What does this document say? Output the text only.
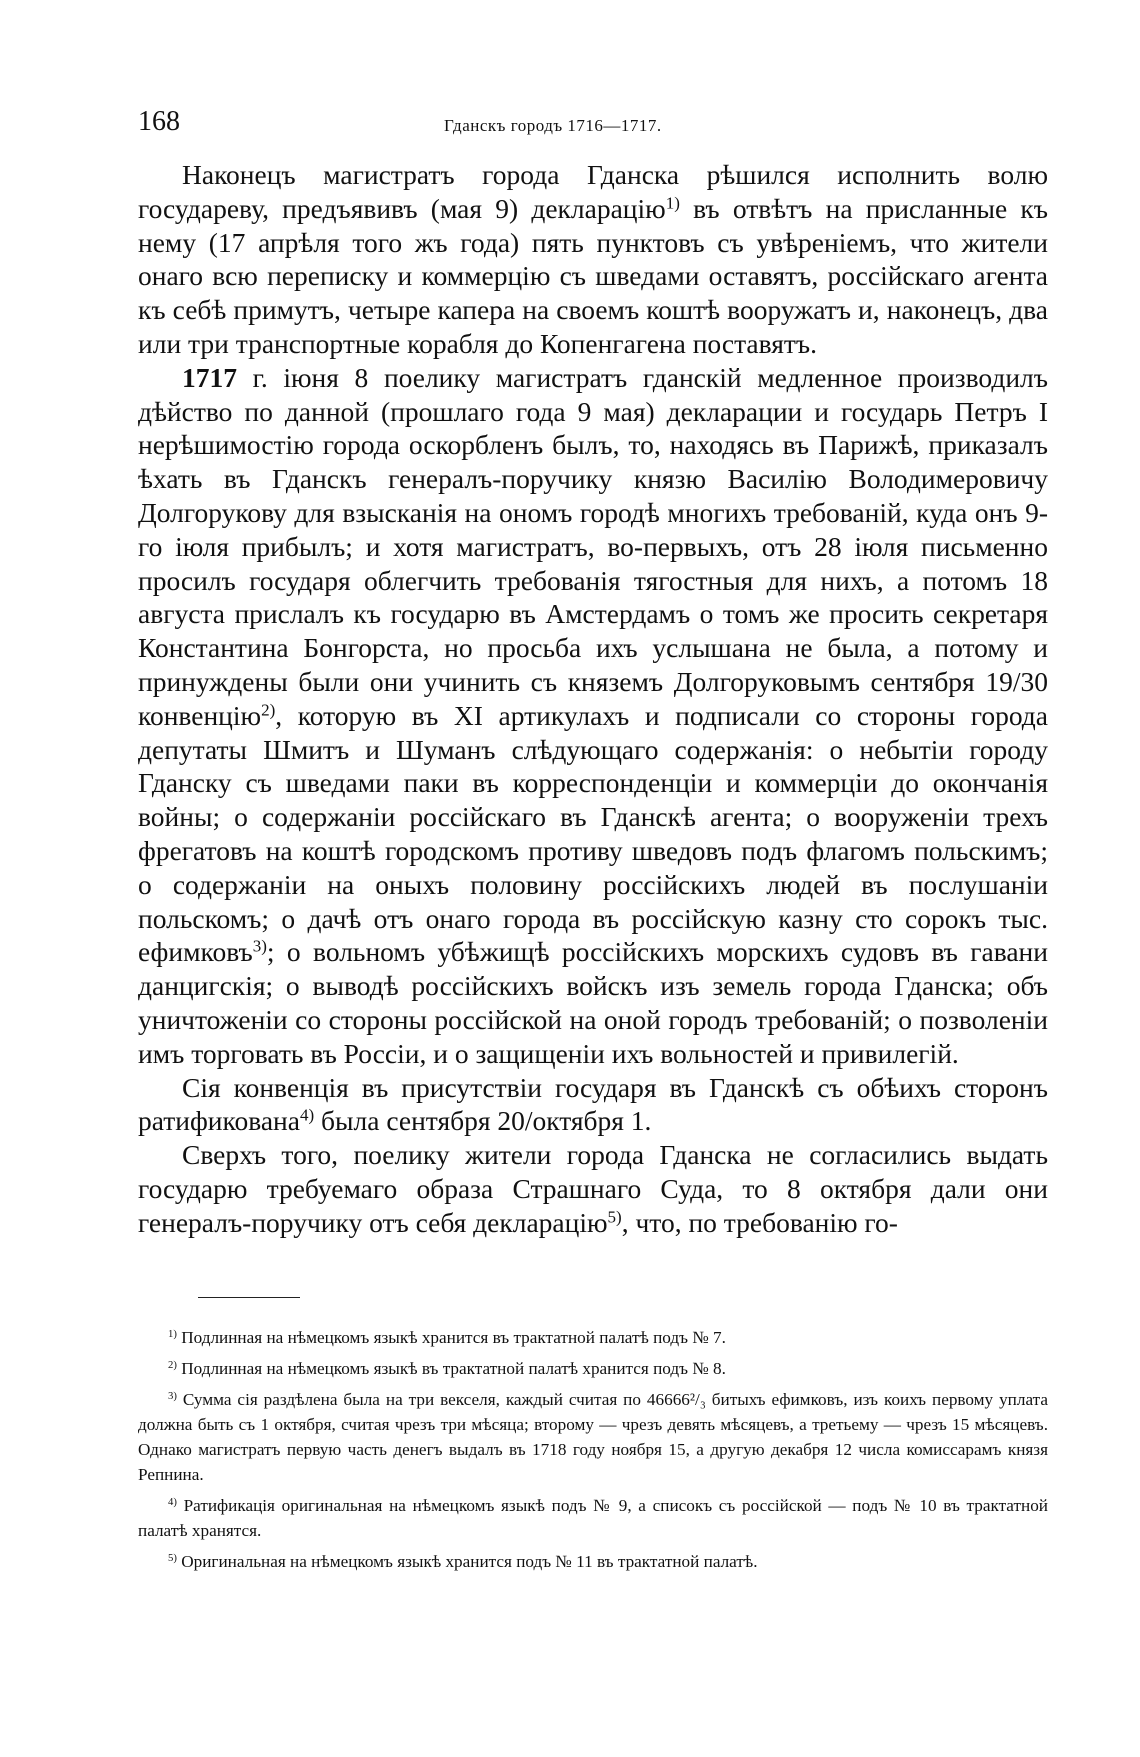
168	Гданскъ городъ 1716—1717.

Наконецъ магистратъ города Гданска рѣшился исполнить волю государеву, предъявивъ (мая 9) декларацію$^{1)}$ въ отвѣтъ на присланные къ нему (17 апрѣля того жъ года) пять пунктовъ съ увѣреніемъ, что жители онаго всю переписку и коммерцію съ шведами оставятъ, россійскаго агента къ себѣ примутъ, четыре капера на своемъ коштѣ вооружатъ и, наконецъ, два или три транспортные корабля до Копенгагена поставятъ.

1717 г. іюня 8 поелику магистратъ гданскій медленное производилъ дѣйство по данной (прошлаго года 9 мая) декларации и государь Петръ I нерѣшимостію города оскорбленъ былъ, то, находясь въ Парижѣ, приказалъ ѣхать въ Гданскъ генералъ-поручику князю Василію Володимеровичу Долгорукову для взысканія на ономъ городѣ многихъ требованій, куда онъ 9-го іюля прибылъ; и хотя магистратъ, во-первыхъ, отъ 28 іюля письменно просилъ государя облегчить требованія тягостныя для нихъ, а потомъ 18 августа прислалъ къ государю въ Амстердамъ о томъ же просить секретаря Константина Бонгорста, но просьба ихъ услышана не была, а потому и принуждены были они учинить съ княземъ Долгоруковымъ сентября 19/30 конвенцію$^{2)}$, которую въ XI артикулахъ и подписали со стороны города депутаты Шмитъ и Шуманъ слѣдующаго содержанія: о небытіи городу Гданску съ шведами паки въ корреспонденціи и коммерціи до окончанія войны; о содержаніи россійскаго въ Гданскѣ агента; о вооруженіи трехъ фрегатовъ на коштѣ городскомъ противу шведовъ подъ флагомъ польскимъ; о содержаніи на оныхъ половину россійскихъ людей въ послушаніи польскомъ; о дачѣ отъ онаго города въ россійскую казну сто сорокъ тыс. ефимковъ$^{3)}$; о вольномъ убѣжищѣ россійскихъ морскихъ судовъ въ гавани данцигскія; о выводѣ россійскихъ войскъ изъ земель города Гданска; объ уничтоженіи со стороны россійской на оной городъ требованій; о позволеніи имъ торговать въ Россіи, и о защищеніи ихъ вольностей и привилегій.

Сія конвенція въ присутствіи государя въ Гданскѣ съ обѣихъ сторонъ ратификована$^{4)}$ была сентября 20/октября 1.

Сверхъ того, поелику жители города Гданска не согласились выдать государю требуемаго образа Страшнаго Суда, то 8 октября дали они генералъ-поручику отъ себя декларацію$^{5)}$, что, по требованію го-

$^{1)}$ Подлинная на нѣмецкомъ языкѣ хранится въ трактатной палатѣ подъ № 7.

$^{2)}$ Подлинная на нѣмецкомъ языкѣ въ трактатной палатѣ хранится подъ № 8.

$^{3)}$ Сумма сія раздѣлена была на три векселя, каждый считая по 46666²/₃ битыхъ ефимковъ, изъ коихъ первому уплата должна быть съ 1 октября, считая чрезъ три мѣсяца; второму — чрезъ девять мѣсяцевъ, а третьему — чрезъ 15 мѣсяцевъ. Однако магистратъ первую часть денегъ выдалъ въ 1718 году ноября 15, а другую декабря 12 числа комиссарамъ князя Репнина.

$^{4)}$ Ратификація оригинальная на нѣмецкомъ языкѣ подъ № 9, а списокъ съ россійской — подъ № 10 въ трактатной палатѣ хранятся.

$^{5)}$ Оригинальная на нѣмецкомъ языкѣ хранится подъ № 11 въ трактатной палатѣ.
